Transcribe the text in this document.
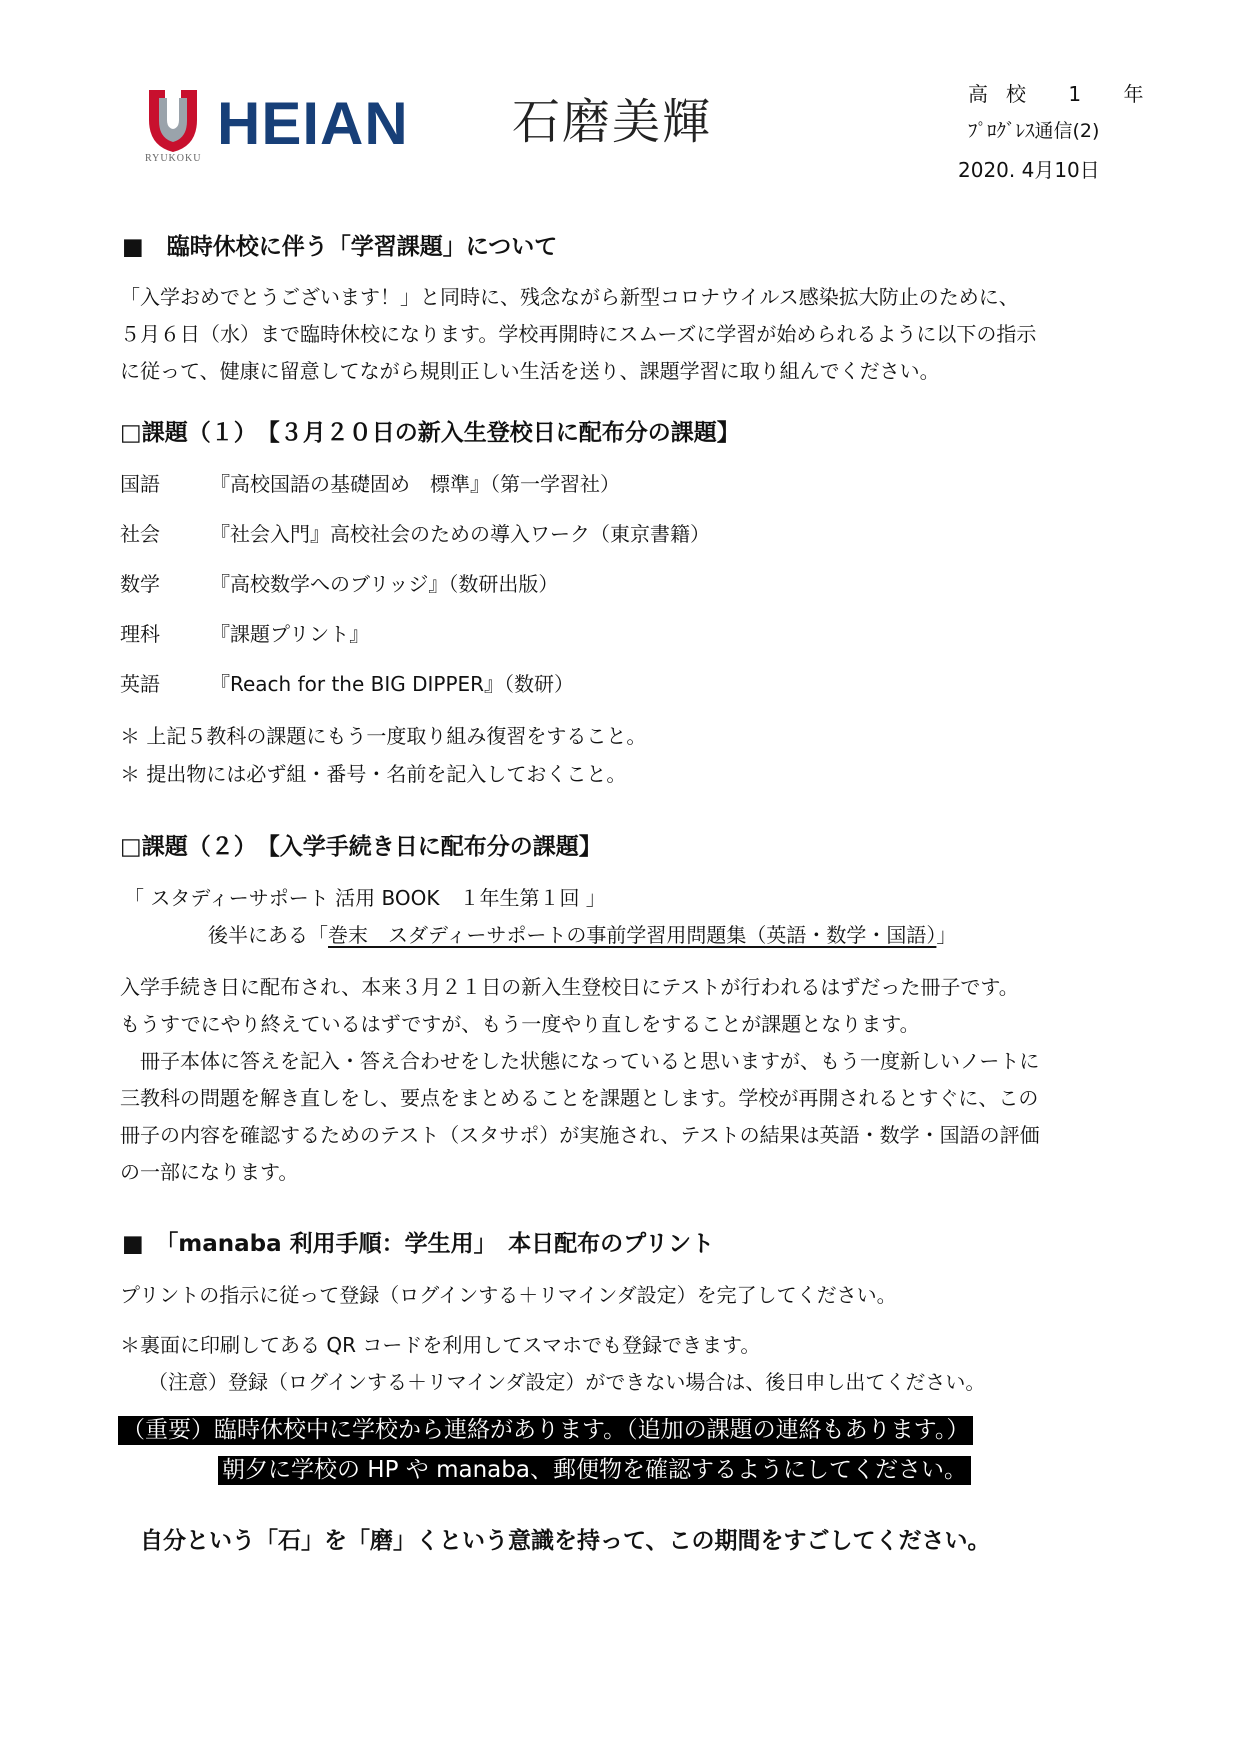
HEIAN
RYUKOKU
石磨美輝	高校 1 年
ﾌﾟﾛｸﾞﾚｽ通信(2)
2020. 4月10日
■　臨時休校に伴う「学習課題」について
「入学おめでとうございます！」と同時に、残念ながら新型コロナウイルス感染拡大防止のために、
５月６日（水）まで臨時休校になります。学校再開時にスムーズに学習が始められるように以下の指示
に従って、健康に留意してながら規則正しい生活を送り、課題学習に取り組んでください。
□課題（１）　【３月２０日の新入生登校日に配布分の課題】
国語	『高校国語の基礎固め　標準』（第一学習社）
社会	『社会入門』高校社会のための導入ワーク（東京書籍）
数学	『高校数学へのブリッジ』（数研出版）
理科	『課題プリント』
英語	『Reach for the BIG DIPPER』（数研）
＊ 上記５教科の課題にもう一度取り組み復習をすること。
＊ 提出物には必ず組・番号・名前を記入しておくこと。
□課題（２）　【入学手続き日に配布分の課題】
「 スタディーサポート 活用 BOOK　１年生第１回 」
後半にある「巻末　スダディーサポートの事前学習用問題集（英語・数学・国語）」
入学手続き日に配布され、本来３月２１日の新入生登校日にテストが行われるはずだった冊子です。
もうすでにやり終えているはずですが、もう一度やり直しをすることが課題となります。
　冊子本体に答えを記入・答え合わせをした状態になっていると思いますが、もう一度新しいノートに
三教科の問題を解き直しをし、要点をまとめることを課題とします。学校が再開されるとすぐに、この
冊子の内容を確認するためのテスト（スタサポ）が実施され、テストの結果は英語・数学・国語の評価
の一部になります。
■　「manaba 利用手順：学生用」　本日配布のプリント
プリントの指示に従って登録（ログインする＋リマインダ設定）を完了してください。
＊裏面に印刷してある QR コードを利用してスマホでも登録できます。
（注意）登録（ログインする＋リマインダ設定）ができない場合は、後日申し出てください。
（重要）臨時休校中に学校から連絡があります。（追加の課題の連絡もあります。）
朝夕に学校の HP や manaba、郵便物を確認するようにしてください。
自分という「石」を「磨」くという意識を持って、この期間をすごしてください。
